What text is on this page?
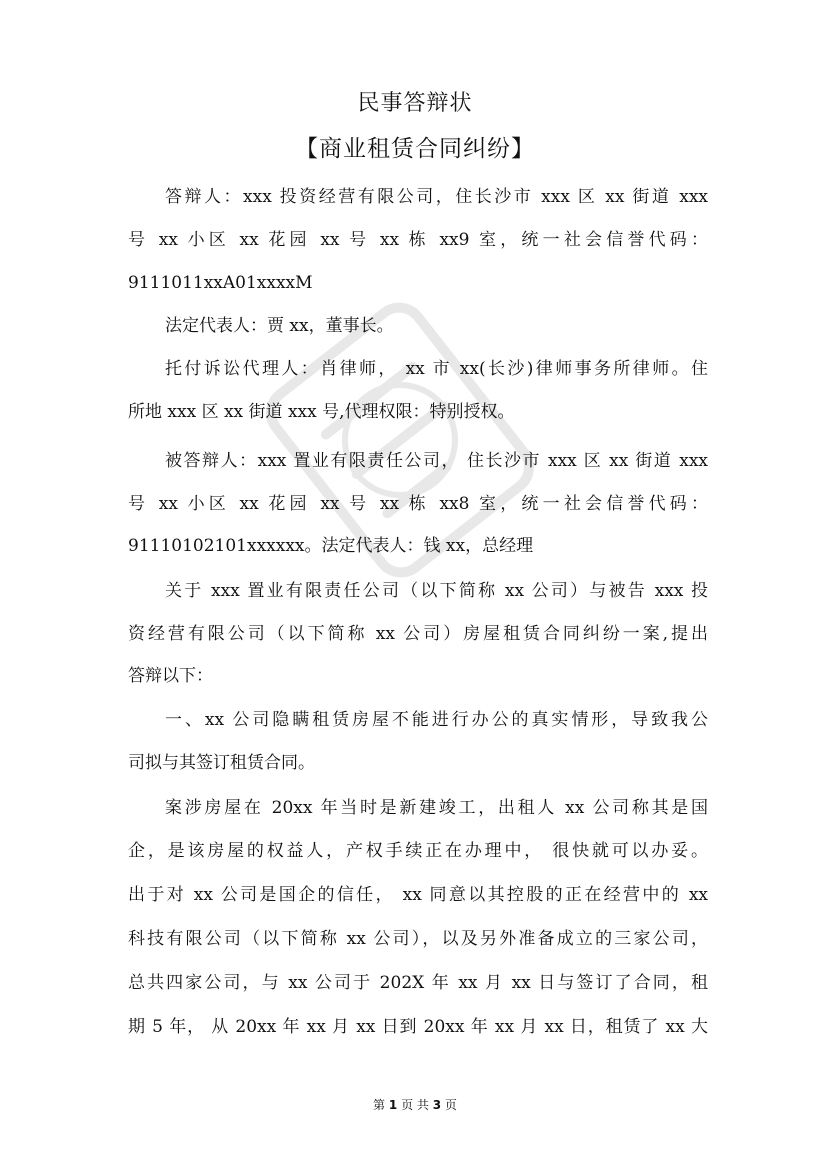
民事答辩状
【商业租赁合同纠纷】
答辩人：xxx 投资经营有限公司，住长沙市 xxx 区 xx 街道 xxx
号 xx 小区 xx 花园 xx 号 xx 栋 xx9 室，统一社会信誉代码：
9111011xxA01xxxxM
法定代表人：贾 xx，董事长。
托付诉讼代理人：肖律师， xx 市 xx(长沙)律师事务所律师。住
所地 xxx 区 xx 街道 xxx 号,代理权限：特别授权。
被答辩人：xxx 置业有限责任公司， 住长沙市 xxx 区 xx 街道 xxx
号 xx 小区 xx 花园 xx 号 xx 栋 xx8 室，统一社会信誉代码：
91110102101xxxxxx。法定代表人：钱 xx，总经理
关于 xxx 置业有限责任公司（以下简称 xx 公司）与被告 xxx 投
资经营有限公司（以下简称 xx 公司）房屋租赁合同纠纷一案,提出
答辩以下：
一、xx 公司隐瞒租赁房屋不能进行办公的真实情形，导致我公
司拟与其签订租赁合同。
案涉房屋在 20xx 年当时是新建竣工，出租人 xx 公司称其是国
企，是该房屋的权益人，产权手续正在办理中， 很快就可以办妥。
出于对 xx 公司是国企的信任， xx 同意以其控股的正在经营中的 xx
科技有限公司（以下简称 xx 公司），以及另外准备成立的三家公司，
总共四家公司，与 xx 公司于 202X 年 xx 月 xx 日与签订了合同，租
期 5 年， 从 20xx 年 xx 月 xx 日到 20xx 年 xx 月 xx 日，租赁了 xx 大
第 1 页 共 3 页
